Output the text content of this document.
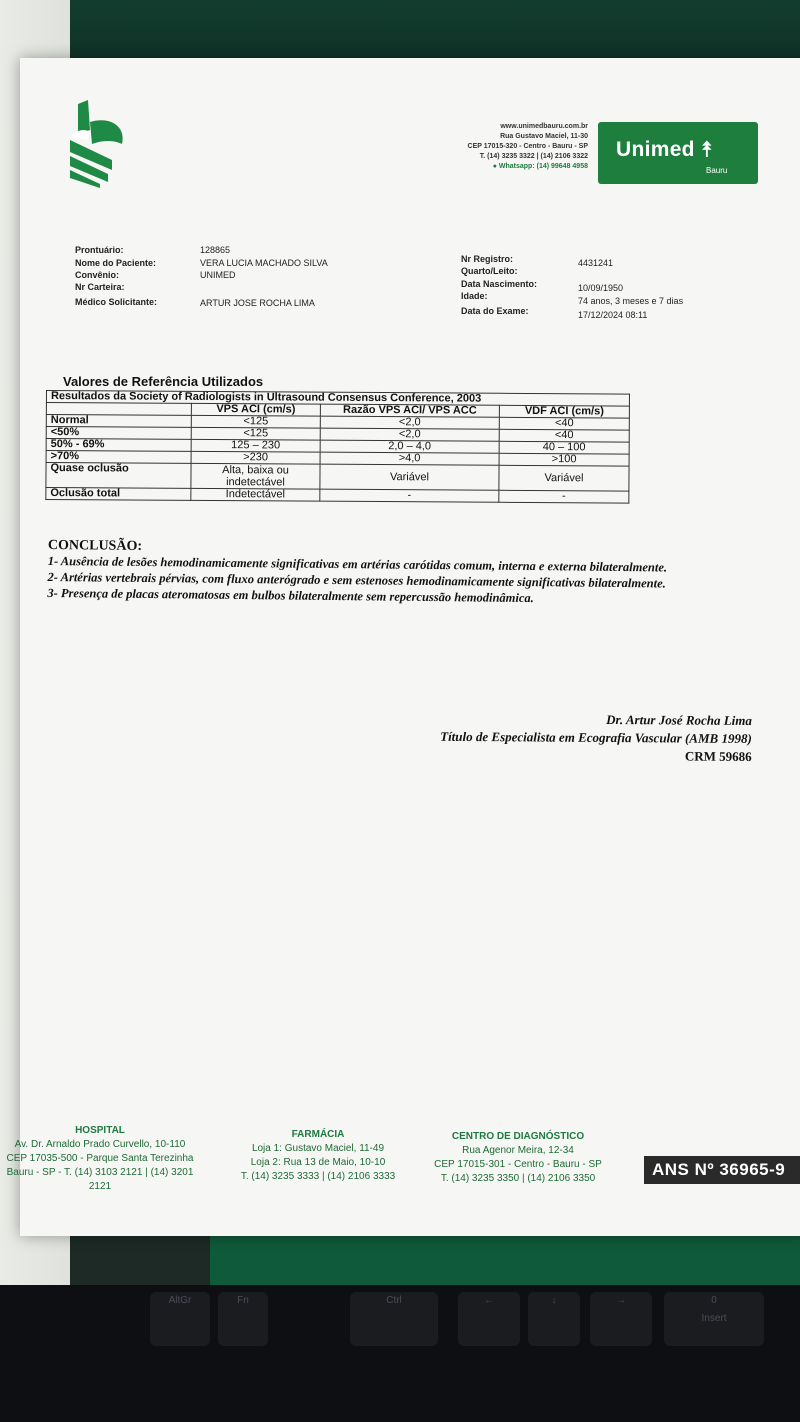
AltGr	Fn	Ctrl	←	↓	→	0
Insert
www.unimedbauru.com.br
Rua Gustavo Maciel, 11-30
CEP 17015-320 - Centro - Bauru - SP
T. (14) 3235 3322 | (14) 2106 3322
● Whatsapp: (14) 99648 4958
Unimed ⯭
Bauru
Prontuário:	128865
Nome do Paciente:	VERA LUCIA MACHADO SILVA
Convênio:	UNIMED
Nr Carteira:
Médico Solicitante:	ARTUR JOSE ROCHA LIMA
Nr Registro:	4431241
Quarto/Leito:
Data Nascimento:	10/09/1950
Idade:	74 anos, 3 meses e 7 dias
Data do Exame:	17/12/2024 08:11
Valores de Referência Utilizados
Resultados da Society of Radiologists in Ultrasound Consensus Conference, 2003			
	VPS ACI (cm/s)	Razão VPS ACI/ VPS ACC	VDF ACI (cm/s)
Normal	<125	<2,0	<40
<50%	<125	<2,0	<40
50% - 69%	125 – 230	2,0 – 4,0	40 – 100
>70%	>230	>4,0	>100
Quase oclusão	Alta, baixa ou indetectável	Variável	Variável
Oclusão total	Indetectável	-	-
CONCLUSÃO:

1- Ausência de lesões hemodinamicamente significativas em artérias carótidas comum, interna e externa bilateralmente.

2- Artérias vertebrais pérvias, com fluxo anterógrado e sem estenoses hemodinamicamente significativas bilateralmente.

3- Presença de placas ateromatosas em bulbos bilateralmente sem repercussão hemodinâmica.

Dr. Artur José Rocha Lima
Título de Especialista em Ecografia Vascular (AMB 1998)
CRM 59686
HOSPITAL
Av. Dr. Arnaldo Prado Curvello, 10-110
CEP 17035-500 - Parque Santa Terezinha
Bauru - SP - T. (14) 3103 2121 | (14) 3201 2121
FARMÁCIA
Loja 1: Gustavo Maciel, 11-49
Loja 2: Rua 13 de Maio, 10-10
T. (14) 3235 3333 | (14) 2106 3333
CENTRO DE DIAGNÓSTICO
Rua Agenor Meira, 12-34
CEP 17015-301 - Centro - Bauru - SP
T. (14) 3235 3350 | (14) 2106 3350	ANS Nº 36965-9
